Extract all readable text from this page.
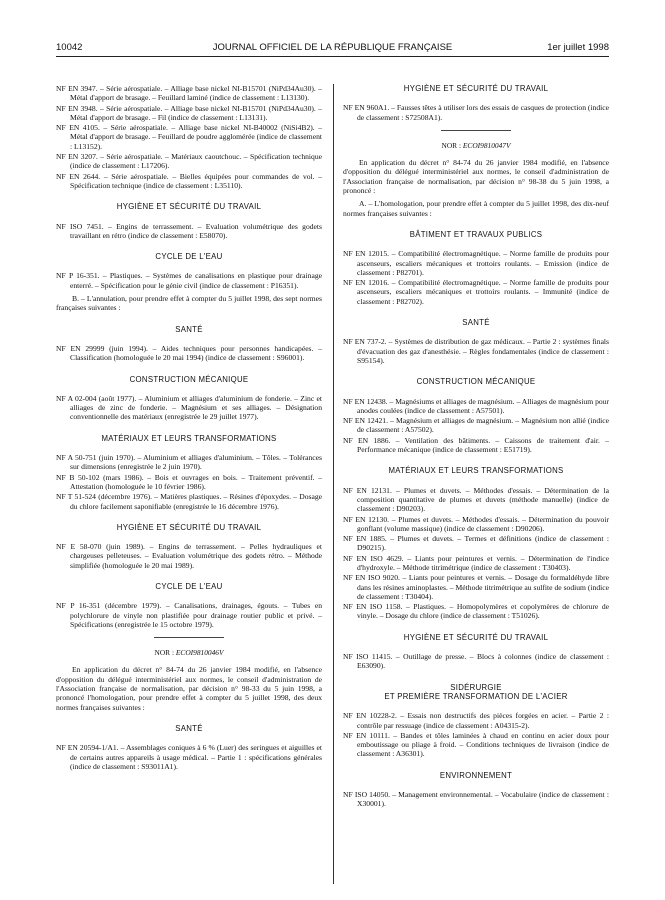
10042	JOURNAL OFFICIEL DE LA RÉPUBLIQUE FRANÇAISE	1er juillet 1998
NF EN 3947. – Série aérospatiale. – Alliage base nickel NI-B15701 (NiPd34Au30). – Métal d'apport de brasage. – Feuillard laminé (indice de classement : L13130).
NF EN 3948. – Série aérospatiale. – Alliage base nickel NI-B15701 (NiPd34Au30). – Métal d'apport de brasage. – Fil (indice de classement : L13131).
NF EN 4105. – Série aérospatiale. – Alliage base nickel NI-B40002 (NiSi4B2). – Métal d'apport de brasage. – Feuillard de poudre agglomérée (indice de classement : L13152).
NF EN 3207. – Série aérospatiale. – Matériaux caoutchouc. – Spécification technique (indice de classement : L17206).
NF EN 2644. – Série aérospatiale. – Bielles équipées pour commandes de vol. – Spécification technique (indice de classement : L35110).
HYGIÈNE ET SÉCURITÉ DU TRAVAIL
NF ISO 7451. – Engins de terrassement. – Evaluation volumétrique des godets travaillant en rétro (indice de classement : E58070).
CYCLE DE L'EAU
NF P 16-351. – Plastiques. – Systèmes de canalisations en plastique pour drainage enterré. – Spécification pour le génie civil (indice de classement : P16351).

B. – L'annulation, pour prendre effet à compter du 5 juillet 1998, des sept normes françaises suivantes :

SANTÉ
NF EN 29999 (juin 1994). – Aides techniques pour personnes handicapées. – Classification (homologuée le 20 mai 1994) (indice de classement : S96001).
CONSTRUCTION MÉCANIQUE
NF A 02-004 (août 1977). – Aluminium et alliages d'aluminium de fonderie. – Zinc et alliages de zinc de fonderie. – Magnésium et ses alliages. – Désignation conventionnelle des matériaux (enregistrée le 29 juillet 1977).
MATÉRIAUX ET LEURS TRANSFORMATIONS
NF A 50-751 (juin 1970). – Aluminium et alliages d'aluminium. – Tôles. – Tolérances sur dimensions (enregistrée le 2 juin 1970).
NF B 50-102 (mars 1986). – Bois et ouvrages en bois. – Traitement préventif. – Attestation (homologuée le 10 février 1986).
NF T 51-524 (décembre 1976). – Matières plastiques. – Résines d'époxydes. – Dosage du chlore facilement saponifiable (enregistrée le 16 décembre 1976).
HYGIÈNE ET SÉCURITÉ DU TRAVAIL
NF E 58-070 (juin 1989). – Engins de terrassement. – Pelles hydrauliques et chargeuses pelleteuses. – Evaluation volumétrique des godets rétro. – Méthode simplifiée (homologuée le 20 mai 1989).
CYCLE DE L'EAU
NF P 16-351 (décembre 1979). – Canalisations, drainages, égouts. – Tubes en polychlorure de vinyle non plastifiée pour drainage routier public et privé. – Spécifications (enregistrée le 15 octobre 1979).
NOR : ECOI9810046V

En application du décret n° 84-74 du 26 janvier 1984 modifié, en l'absence d'opposition du délégué interministériel aux normes, le conseil d'administration de l'Association française de normalisation, par décision n° 98-33 du 5 juin 1998, a prononcé l'homologation, pour prendre effet à compter du 5 juillet 1998, des deux normes françaises suivantes :

SANTÉ
NF EN 20594-1/A1. – Assemblages coniques à 6 % (Luer) des seringues et aiguilles et de certains autres appareils à usage médical. – Partie 1 : spécifications générales (indice de classement : S93011A1).
HYGIÈNE ET SÉCURITÉ DU TRAVAIL
NF EN 960A1. – Fausses têtes à utiliser lors des essais de casques de protection (indice de classement : S72508A1).
NOR : ECOI9810047V

En application du décret n° 84-74 du 26 janvier 1984 modifié, en l'absence d'opposition du délégué interministériel aux normes, le conseil d'administration de l'Association française de normalisation, par décision n° 98-38 du 5 juin 1998, a prononcé :

A. – L'homologation, pour prendre effet à compter du 5 juillet 1998, des dix-neuf normes françaises suivantes :

BÂTIMENT ET TRAVAUX PUBLICS
NF EN 12015. – Compatibilité électromagnétique. – Norme famille de produits pour ascenseurs, escaliers mécaniques et trottoirs roulants. – Emission (indice de classement : P82701).
NF EN 12016. – Compatibilité électromagnétique. – Norme famille de produits pour ascenseurs, escaliers mécaniques et trottoirs roulants. – Immunité (indice de classement : P82702).
SANTÉ
NF EN 737-2. – Systèmes de distribution de gaz médicaux. – Partie 2 : systèmes finals d'évacuation des gaz d'anesthésie. – Règles fondamentales (indice de classement : S95154).
CONSTRUCTION MÉCANIQUE
NF EN 12438. – Magnésiums et alliages de magnésium. – Alliages de magnésium pour anodes coulées (indice de classement : A57501).
NF EN 12421. – Magnésium et alliages de magnésium. – Magnésium non allié (indice de classement : A57502).
NF EN 1886. – Ventilation des bâtiments. – Caissons de traitement d'air. – Performance mécanique (indice de classement : E51719).
MATÉRIAUX ET LEURS TRANSFORMATIONS
NF EN 12131. – Plumes et duvets. – Méthodes d'essais. – Détermination de la composition quantitative de plumes et duvets (méthode manuelle) (indice de classement : D90203).
NF EN 12130. – Plumes et duvets. – Méthodes d'essais. – Détermination du pouvoir gonflant (volume massique) (indice de classement : D90206).
NF EN 1885. – Plumes et duvets. – Termes et définitions (indice de classement : D90215).
NF EN ISO 4629. – Liants pour peintures et vernis. – Détermination de l'indice d'hydroxyle. – Méthode titrimétrique (indice de classement : T30403).
NF EN ISO 9020. – Liants pour peintures et vernis. – Dosage du formaldéhyde libre dans les résines aminoplastes. – Méthode titrimétrique au sulfite de sodium (indice de classement : T30404).
NF EN ISO 1158. – Plastiques. – Homopolymères et copolymères de chlorure de vinyle. – Dosage du chlore (indice de classement : T51026).
HYGIÈNE ET SÉCURITÉ DU TRAVAIL
NF ISO 11415. – Outillage de presse. – Blocs à colonnes (indice de classement : E63090).
SIDÉRURGIE
ET PREMIÈRE TRANSFORMATION DE L'ACIER
NF EN 10228-2. – Essais non destructifs des pièces forgées en acier. – Partie 2 : contrôle par ressuage (indice de classement : A04315-2).
NF EN 10111. – Bandes et tôles laminées à chaud en continu en acier doux pour emboutissage ou pliage à froid. – Conditions techniques de livraison (indice de classement : A36301).
ENVIRONNEMENT
NF ISO 14050. – Management environnemental. – Vocabulaire (indice de classement : X30001).
